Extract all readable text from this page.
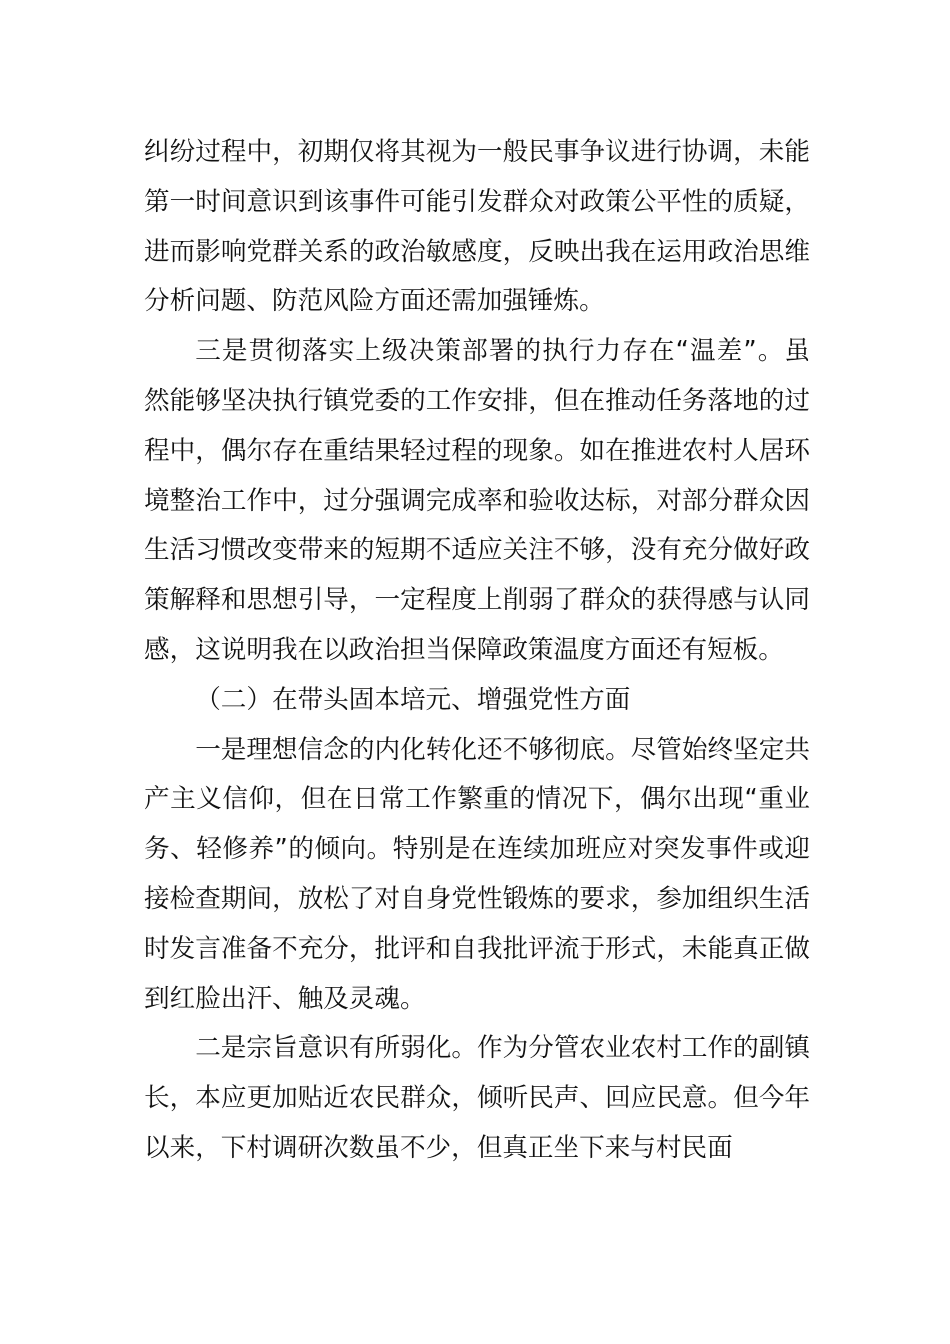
纠纷过程中，初期仅将其视为一般民事争议进行协调，未能第一时间意识到该事件可能引发群众对政策公平性的质疑，进而影响党群关系的政治敏感度，反映出我在运用政治思维分析问题、防范风险方面还需加强锤炼。

三是贯彻落实上级决策部署的执行力存在“温差”。虽然能够坚决执行镇党委的工作安排，但在推动任务落地的过程中，偶尔存在重结果轻过程的现象。如在推进农村人居环境整治工作中，过分强调完成率和验收达标，对部分群众因生活习惯改变带来的短期不适应关注不够，没有充分做好政策解释和思想引导，一定程度上削弱了群众的获得感与认同感，这说明我在以政治担当保障政策温度方面还有短板。

（二）在带头固本培元、增强党性方面

一是理想信念的内化转化还不够彻底。尽管始终坚定共产主义信仰，但在日常工作繁重的情况下，偶尔出现“重业务、轻修养”的倾向。特别是在连续加班应对突发事件或迎接检查期间，放松了对自身党性锻炼的要求，参加组织生活时发言准备不充分，批评和自我批评流于形式，未能真正做到红脸出汗、触及灵魂。

二是宗旨意识有所弱化。作为分管农业农村工作的副镇长，本应更加贴近农民群众，倾听民声、回应民意。但今年以来，下村调研次数虽不少，但真正坐下来与村民面
